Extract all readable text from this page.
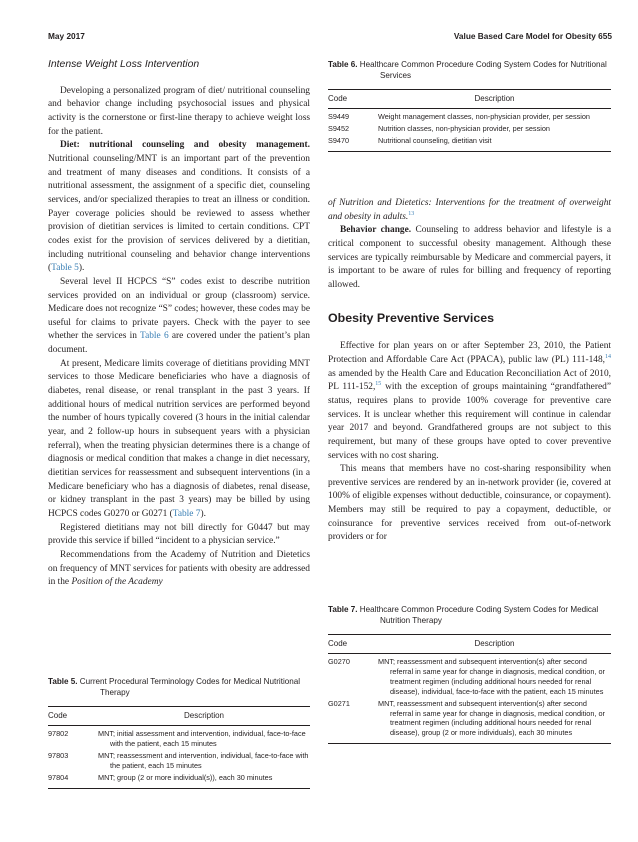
May 2017	Value Based Care Model for Obesity 655
Intense Weight Loss Intervention

Developing a personalized program of diet/ nutritional counseling and behavior change including psychosocial issues and physical activity is the cornerstone or first-line therapy to achieve weight loss for the patient.

Diet: nutritional counseling and obesity management. Nutritional counseling/MNT is an important part of the prevention and treatment of many diseases and conditions. It consists of a nutritional assessment, the assignment of a specific diet, counseling services, and/or specialized therapies to treat an illness or condition. Payer coverage policies should be reviewed to assess whether provision of dietitian services is limited to certain conditions. CPT codes exist for the provision of services delivered by a dietitian, including nutritional counseling and behavior change interventions (Table 5).

Several level II HCPCS “S” codes exist to describe nutrition services provided on an individual or group (classroom) service. Medicare does not recognize “S” codes; however, these codes may be useful for claims to private payers. Check with the payer to see whether the services in Table 6 are covered under the patient’s plan document.

At present, Medicare limits coverage of dietitians providing MNT services to those Medicare beneficiaries who have a diagnosis of diabetes, renal disease, or renal transplant in the past 3 years. If additional hours of medical nutrition services are performed beyond the number of hours typically covered (3 hours in the initial calendar year, and 2 follow-up hours in subsequent years with a physician referral), when the treating physician determines there is a change of diagnosis or medical condition that makes a change in diet necessary, dietitian services for reassessment and subsequent interventions (in a Medicare beneficiary who has a diagnosis of diabetes, renal disease, or kidney transplant in the past 3 years) may be billed by using HCPCS codes G0270 or G0271 (Table 7).

Registered dietitians may not bill directly for G0447 but may provide this service if billed “incident to a physician service.”

Recommendations from the Academy of Nutrition and Dietetics on frequency of MNT services for patients with obesity are addressed in the Position of the Academy

of Nutrition and Dietetics: Interventions for the treatment of overweight and obesity in adults.$^{13}$

Behavior change. Counseling to address behavior and lifestyle is a critical component to successful obesity management. Although these services are typically reimbursable by Medicare and commercial payers, it is important to be aware of rules for billing and frequency of reporting allowed.

Obesity Preventive Services

Effective for plan years on or after September 23, 2010, the Patient Protection and Affordable Care Act (PPACA), public law (PL) 111-148,14 as amended by the Health Care and Education Reconciliation Act of 2010, PL 111-152,15 with the exception of groups maintaining “grandfathered” status, requires plans to provide 100% coverage for preventive care services. It is unclear whether this requirement will continue in calendar year 2017 and beyond. Grandfathered groups are not subject to this requirement, but many of these groups have opted to cover preventive services with no cost sharing.

This means that members have no cost-sharing responsibility when preventive services are rendered by an in-network provider (ie, covered at 100% of eligible expenses without deductible, coinsurance, or copayment). Members may still be required to pay a copayment, deductible, or coinsurance for preventive services received from out-of-network providers or for

Table 6. Healthcare Common Procedure Coding System Codes for Nutritional Services
Code	Description
S9449	Weight management classes, non-physician provider, per session
S9452	Nutrition classes, non-physician provider, per session
S9470	Nutritional counseling, dietitian visit
Table 5. Current Procedural Terminology Codes for Medical Nutritional Therapy
Code	Description
97802	MNT; initial assessment and intervention, individual, face-to-face with the patient, each 15 minutes
97803	MNT; reassessment and intervention, individual, face-to-face with the patient, each 15 minutes
97804	MNT; group (2 or more individual(s)), each 30 minutes
Table 7. Healthcare Common Procedure Coding System Codes for Medical Nutrition Therapy
Code	Description
G0270	MNT; reassessment and subsequent intervention(s) after second referral in same year for change in diagnosis, medical condition, or treatment regimen (including additional hours needed for renal disease), individual, face-to-face with the patient, each 15 minutes
G0271	MNT, reassessment and subsequent intervention(s) after second referral in same year for change in diagnosis, medical condition, or treatment regimen (including additional hours needed for renal disease), group (2 or more individuals), each 30 minutes
